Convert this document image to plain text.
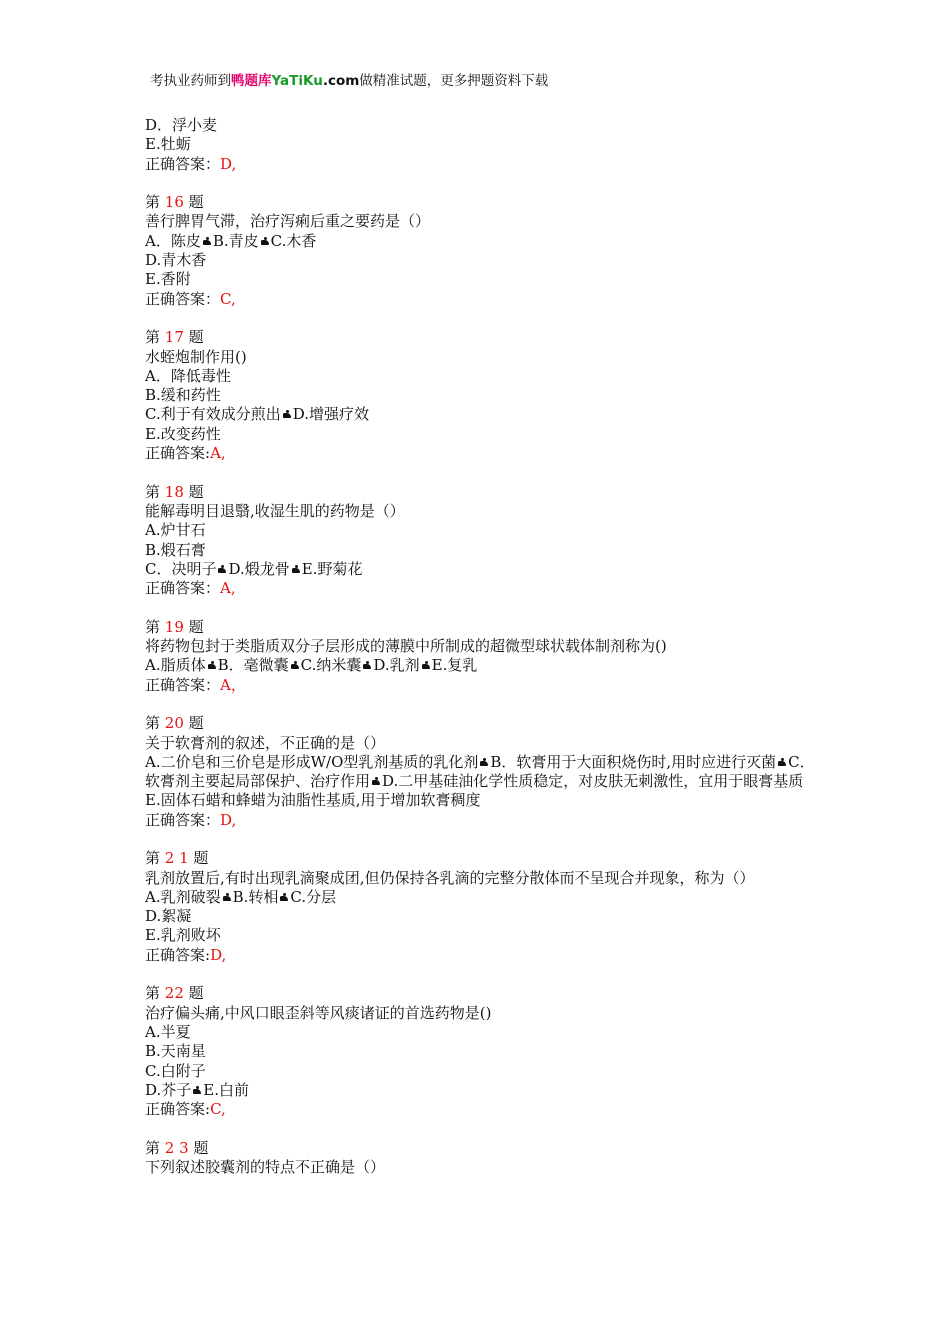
考执业药师到鸭题库YaTiKu.com做精准试题，更多押题资料下载
D．浮小麦
E.牡蛎
正确答案：D,
第 16 题
善行脾胃气滞，治疗泻痢后重之要药是（）
A．陈皮 B.青皮 C.木香
D.青木香
E.香附
正确答案：C,
第 17 题
水蛭炮制作用()
A．降低毒性
B.缓和药性
C.利于有效成分煎出 D.增强疗效
E.改变药性
正确答案:A,
第 18 题
能解毒明目退翳,收湿生肌的药物是（）
A.炉甘石
B.煅石膏
C．决明子 D.煅龙骨 E.野菊花
正确答案：A,
第 19 题
将药物包封于类脂质双分子层形成的薄膜中所制成的超微型球状载体制剂称为()
A.脂质体 B．毫微囊 C.纳米囊 D.乳剂 E.复乳
正确答案：A，
第 20 题
关于软膏剂的叙述，不正确的是（）
A.二价皂和三价皂是形成W/O型乳剂基质的乳化剂 B．软膏用于大面积烧伤时,用时应进行灭菌 C．软膏剂主要起局部保护、治疗作用 D.二甲基硅油化学性质稳定，对皮肤无刺激性，宜用于眼膏基质
E.固体石蜡和蜂蜡为油脂性基质,用于增加软膏稠度
正确答案：D,
第 2 1 题
乳剂放置后,有时出现乳滴聚成团,但仍保持各乳滴的完整分散体而不呈现合并现象，称为（）
A.乳剂破裂 B.转相 C.分层
D.絮凝
E.乳剂败坏
正确答案:D,
第 22 题
治疗偏头痛,中风口眼歪斜等风痰诸证的首选药物是()
A.半夏
B.天南星
C.白附子
D.芥子 E.白前
正确答案:C,
第 2 3 题
下列叙述胶囊剂的特点不正确是（）
